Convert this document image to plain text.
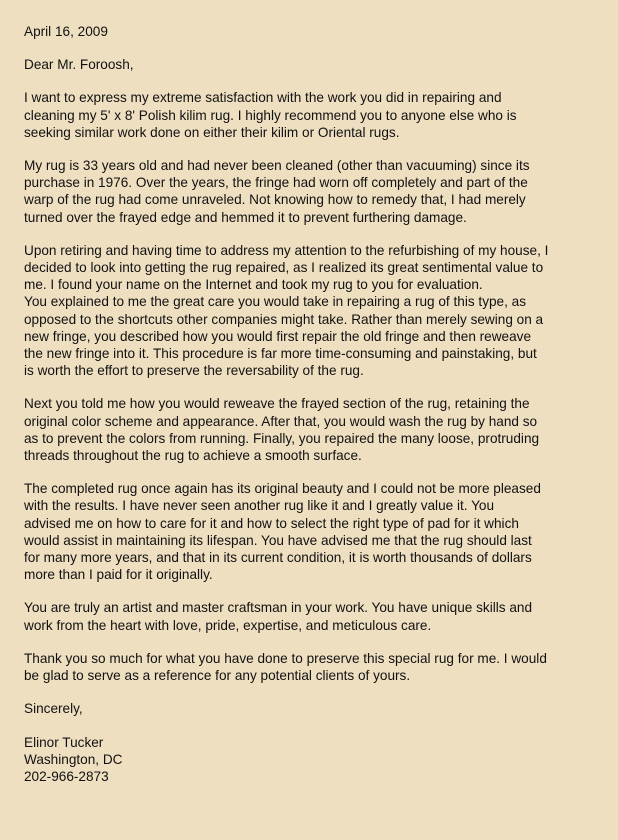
April 16, 2009
Dear Mr. Foroosh,
I want to express my extreme satisfaction with the work you did in repairing and
cleaning my 5' x 8' Polish kilim rug. I highly recommend you to anyone else who is
seeking similar work done on either their kilim or Oriental rugs.
My rug is 33 years old and had never been cleaned (other than vacuuming) since its
purchase in 1976. Over the years, the fringe had worn off completely and part of the
warp of the rug had come unraveled. Not knowing how to remedy that, I had merely
turned over the frayed edge and hemmed it to prevent furthering damage.
Upon retiring and having time to address my attention to the refurbishing of my house, I
decided to look into getting the rug repaired, as I realized its great sentimental value to
me. I found your name on the Internet and took my rug to you for evaluation.
You explained to me the great care you would take in repairing a rug of this type, as
opposed to the shortcuts other companies might take. Rather than merely sewing on a
new fringe, you described how you would first repair the old fringe and then reweave
the new fringe into it. This procedure is far more time-consuming and painstaking, but
is worth the effort to preserve the reversability of the rug.
Next you told me how you would reweave the frayed section of the rug, retaining the
original color scheme and appearance. After that, you would wash the rug by hand so
as to prevent the colors from running. Finally, you repaired the many loose, protruding
threads throughout the rug to achieve a smooth surface.
The completed rug once again has its original beauty and I could not be more pleased
with the results. I have never seen another rug like it and I greatly value it. You
advised me on how to care for it and how to select the right type of pad for it which
would assist in maintaining its lifespan. You have advised me that the rug should last
for many more years, and that in its current condition, it is worth thousands of dollars
more than I paid for it originally.
You are truly an artist and master craftsman in your work. You have unique skills and
work from the heart with love, pride, expertise, and meticulous care.
Thank you so much for what you have done to preserve this special rug for me. I would
be glad to serve as a reference for any potential clients of yours.
Sincerely,
Elinor Tucker
Washington, DC
202-966-2873
